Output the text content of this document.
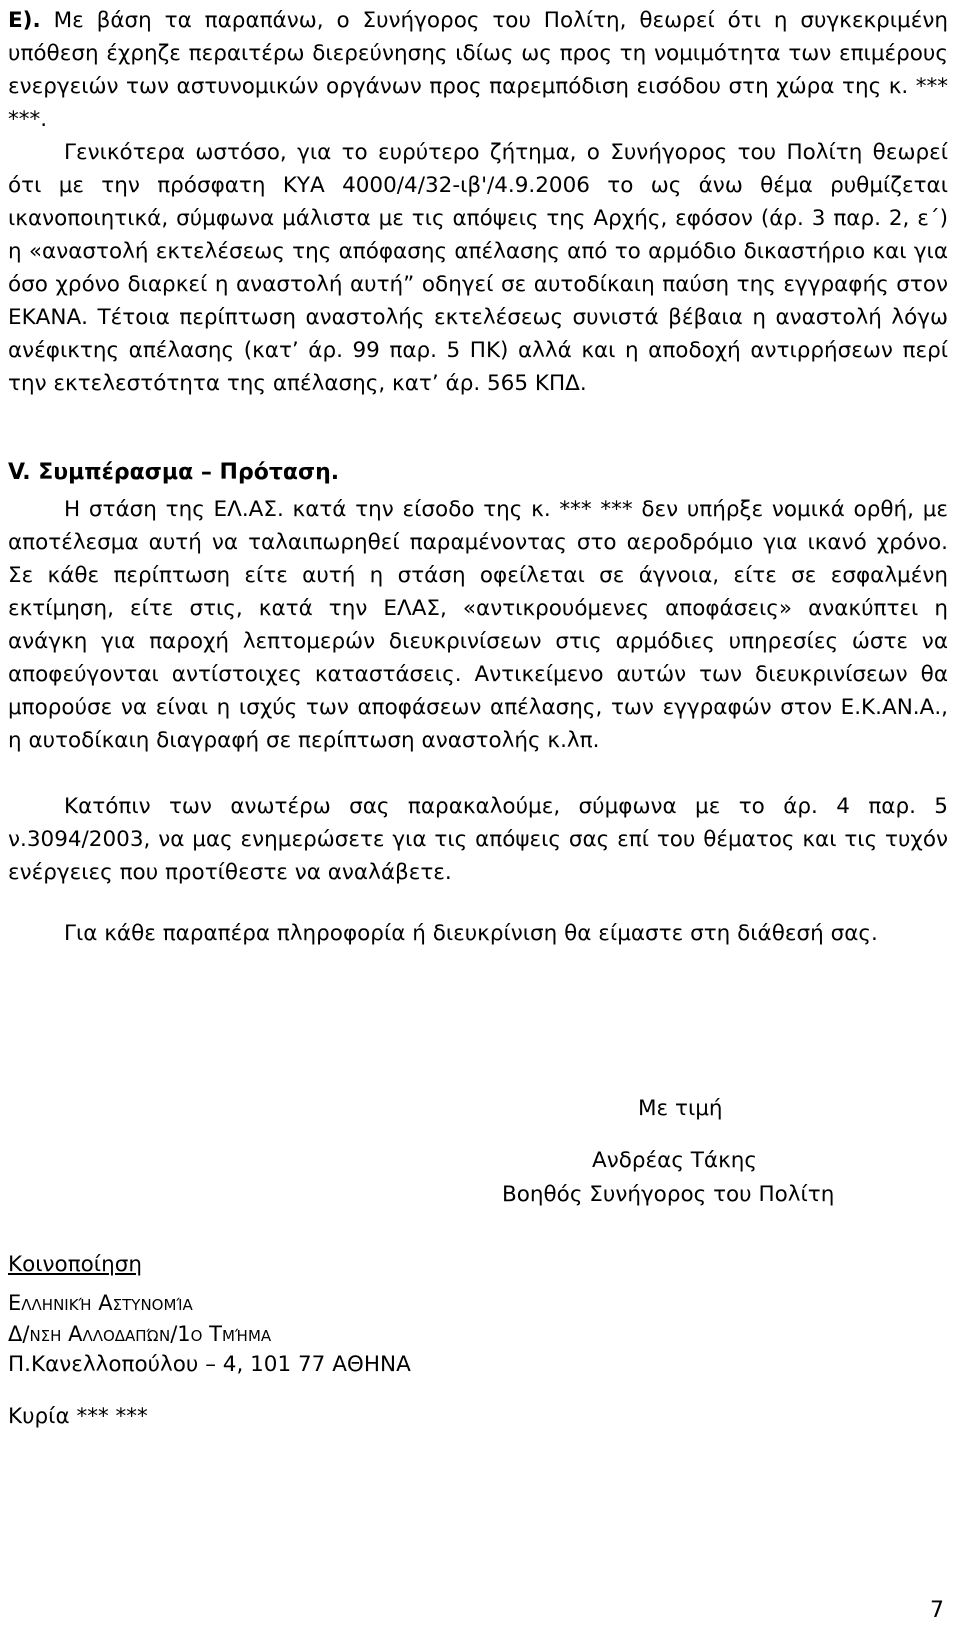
Ε). Με βάση τα παραπάνω, ο Συνήγορος του Πολίτη, θεωρεί ότι η συγκεκριμένη υπόθεση έχρηζε περαιτέρω διερεύνησης ιδίως ως προς τη νομιμότητα των επιμέρους ενεργειών των αστυνομικών οργάνων προς παρεμπόδιση εισόδου στη χώρα της κ. *** ***.

Γενικότερα ωστόσο, για το ευρύτερο ζήτημα, ο Συνήγορος του Πολίτη θεωρεί ότι με την πρόσφατη ΚΥΑ 4000/4/32-ιβ'/4.9.2006 το ως άνω θέμα ρυθμίζεται ικανοποιητικά, σύμφωνα μάλιστα με τις απόψεις της Αρχής, εφόσον (άρ. 3 παρ. 2, ε΄) η «αναστολή εκτελέσεως της απόφασης απέλασης από το αρμόδιο δικαστήριο και για όσο χρόνο διαρκεί η αναστολή αυτή” οδηγεί σε αυτοδίκαιη παύση της εγγραφής στον ΕΚΑΝΑ. Τέτοια περίπτωση αναστολής εκτελέσεως συνιστά βέβαια η αναστολή λόγω ανέφικτης απέλασης (κατ’ άρ. 99 παρ. 5 ΠΚ) αλλά και η αποδοχή αντιρρήσεων περί την εκτελεστότητα της απέλασης, κατ’ άρ. 565 ΚΠΔ.

V. Συμπέρασμα – Πρόταση.

Η στάση της ΕΛ.ΑΣ. κατά την είσοδο της κ. *** *** δεν υπήρξε νομικά ορθή, με αποτέλεσμα αυτή να ταλαιπωρηθεί παραμένοντας στο αεροδρόμιο για ικανό χρόνο. Σε κάθε περίπτωση είτε αυτή η στάση οφείλεται σε άγνοια, είτε σε εσφαλμένη εκτίμηση, είτε στις, κατά την ΕΛΑΣ, «αντικρουόμενες αποφάσεις» ανακύπτει η ανάγκη για παροχή λεπτομερών διευκρινίσεων στις αρμόδιες υπηρεσίες ώστε να αποφεύγονται αντίστοιχες καταστάσεις. Αντικείμενο αυτών των διευκρινίσεων θα μπορούσε να είναι η ισχύς των αποφάσεων απέλασης, των εγγραφών στον Ε.Κ.ΑΝ.Α., η αυτοδίκαιη διαγραφή σε περίπτωση αναστολής κ.λπ.

Κατόπιν των ανωτέρω σας παρακαλούμε, σύμφωνα με το άρ. 4 παρ. 5 ν.3094/2003, να μας ενημερώσετε για τις απόψεις σας επί του θέματος και τις τυχόν ενέργειες που προτίθεστε να αναλάβετε.

Για κάθε παραπέρα πληροφορία ή διευκρίνιση θα είμαστε στη διάθεσή σας.

Με τιμή
Ανδρέας Τάκης
Βοηθός Συνήγορος του Πολίτη
Κοινοποίηση
Ελληνική Αστυνομία
Δ/νση Αλλοδαπών/1ο Τμήμα
Π.Κανελλοπούλου – 4, 101 77 ΑΘΗΝΑ
Κυρία *** ***
7
